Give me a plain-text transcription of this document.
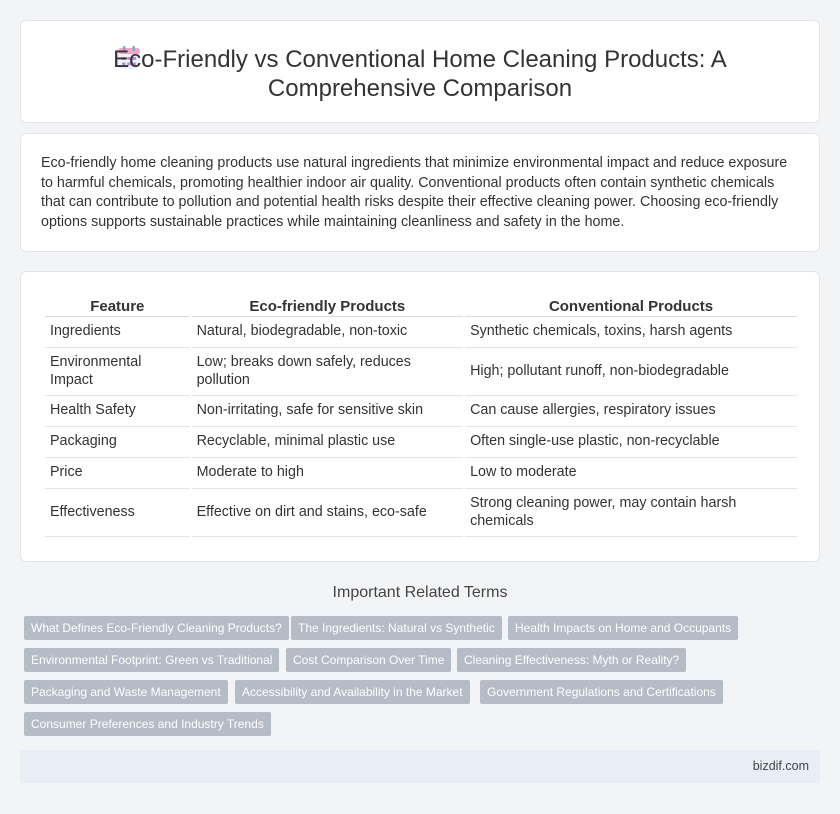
Eco-Friendly vs Conventional Home Cleaning Products: A
Comprehensive Comparison

Eco-friendly home cleaning products use natural ingredients that minimize environmental impact and reduce exposure to harmful chemicals, promoting healthier indoor air quality. Conventional products often contain synthetic chemicals that can contribute to pollution and potential health risks despite their effective cleaning power. Choosing eco-friendly options supports sustainable practices while maintaining cleanliness and safety in the home.

Feature	Eco-friendly Products	Conventional Products
Ingredients	Natural, biodegradable, non-toxic	Synthetic chemicals, toxins, harsh agents
Environmental Impact	Low; breaks down safely, reduces pollution	High; pollutant runoff, non-biodegradable
Health Safety	Non-irritating, safe for sensitive skin	Can cause allergies, respiratory issues
Packaging	Recyclable, minimal plastic use	Often single-use plastic, non-recyclable
Price	Moderate to high	Low to moderate
Effectiveness	Effective on dirt and stains, eco-safe	Strong cleaning power, may contain harsh chemicals
Important Related Terms
What Defines Eco-Friendly Cleaning Products?	The Ingredients: Natural vs Synthetic	Health Impacts on Home and Occupants
Environmental Footprint: Green vs Traditional	Cost Comparison Over Time	Cleaning Effectiveness: Myth or Reality?
Packaging and Waste Management	Accessibility and Availability in the Market	Government Regulations and Certifications
Consumer Preferences and Industry Trends
bizdif.com
